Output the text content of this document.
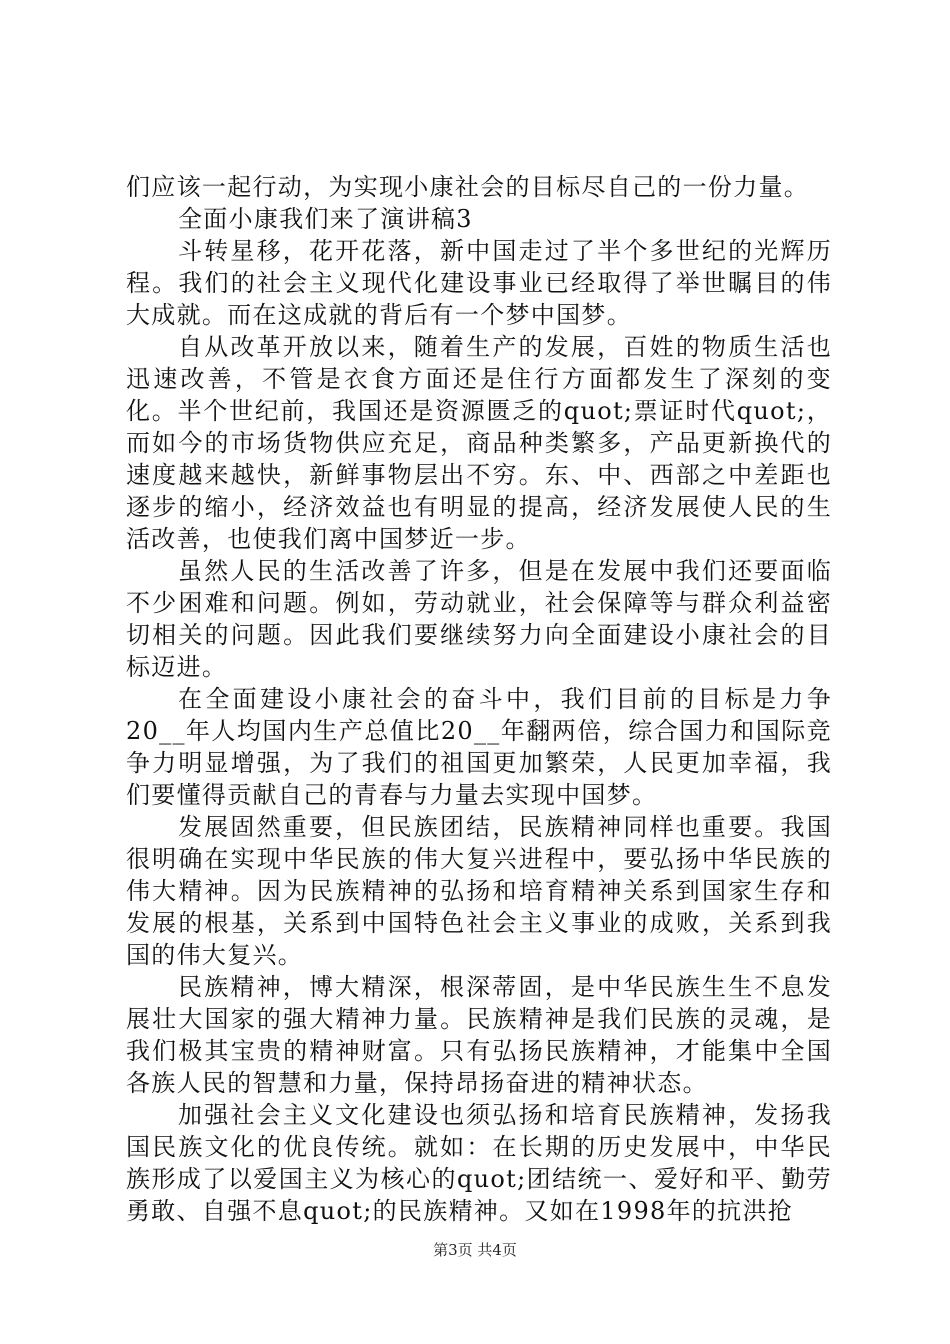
们应该一起行动，为实现小康社会的目标尽自己的一份力量。

全面小康我们来了演讲稿3

斗转星移，花开花落，新中国走过了半个多世纪的光辉历程。我们的社会主义现代化建设事业已经取得了举世瞩目的伟大成就。而在这成就的背后有一个梦中国梦。

自从改革开放以来，随着生产的发展，百姓的物质生活也迅速改善，不管是衣食方面还是住行方面都发生了深刻的变化。半个世纪前，我国还是资源匮乏的quot;票证时代quot;，而如今的市场货物供应充足，商品种类繁多，产品更新换代的速度越来越快，新鲜事物层出不穷。东、中、西部之中差距也逐步的缩小，经济效益也有明显的提高，经济发展使人民的生活改善，也使我们离中国梦近一步。

虽然人民的生活改善了许多，但是在发展中我们还要面临不少困难和问题。例如，劳动就业，社会保障等与群众利益密切相关的问题。因此我们要继续努力向全面建设小康社会的目标迈进。

在全面建设小康社会的奋斗中，我们目前的目标是力争20__年人均国内生产总值比20__年翻两倍，综合国力和国际竞争力明显增强，为了我们的祖国更加繁荣，人民更加幸福，我们要懂得贡献自己的青春与力量去实现中国梦。

发展固然重要，但民族团结，民族精神同样也重要。我国很明确在实现中华民族的伟大复兴进程中，要弘扬中华民族的伟大精神。因为民族精神的弘扬和培育精神关系到国家生存和发展的根基，关系到中国特色社会主义事业的成败，关系到我国的伟大复兴。

民族精神，博大精深，根深蒂固，是中华民族生生不息发展壮大国家的强大精神力量。民族精神是我们民族的灵魂，是我们极其宝贵的精神财富。只有弘扬民族精神，才能集中全国各族人民的智慧和力量，保持昂扬奋进的精神状态。

加强社会主义文化建设也须弘扬和培育民族精神，发扬我国民族文化的优良传统。就如：在长期的历史发展中，中华民族形成了以爱国主义为核心的quot;团结统一、爱好和平、勤劳勇敢、自强不息quot;的民族精神。又如在1998年的抗洪抢

第3页 共4页
